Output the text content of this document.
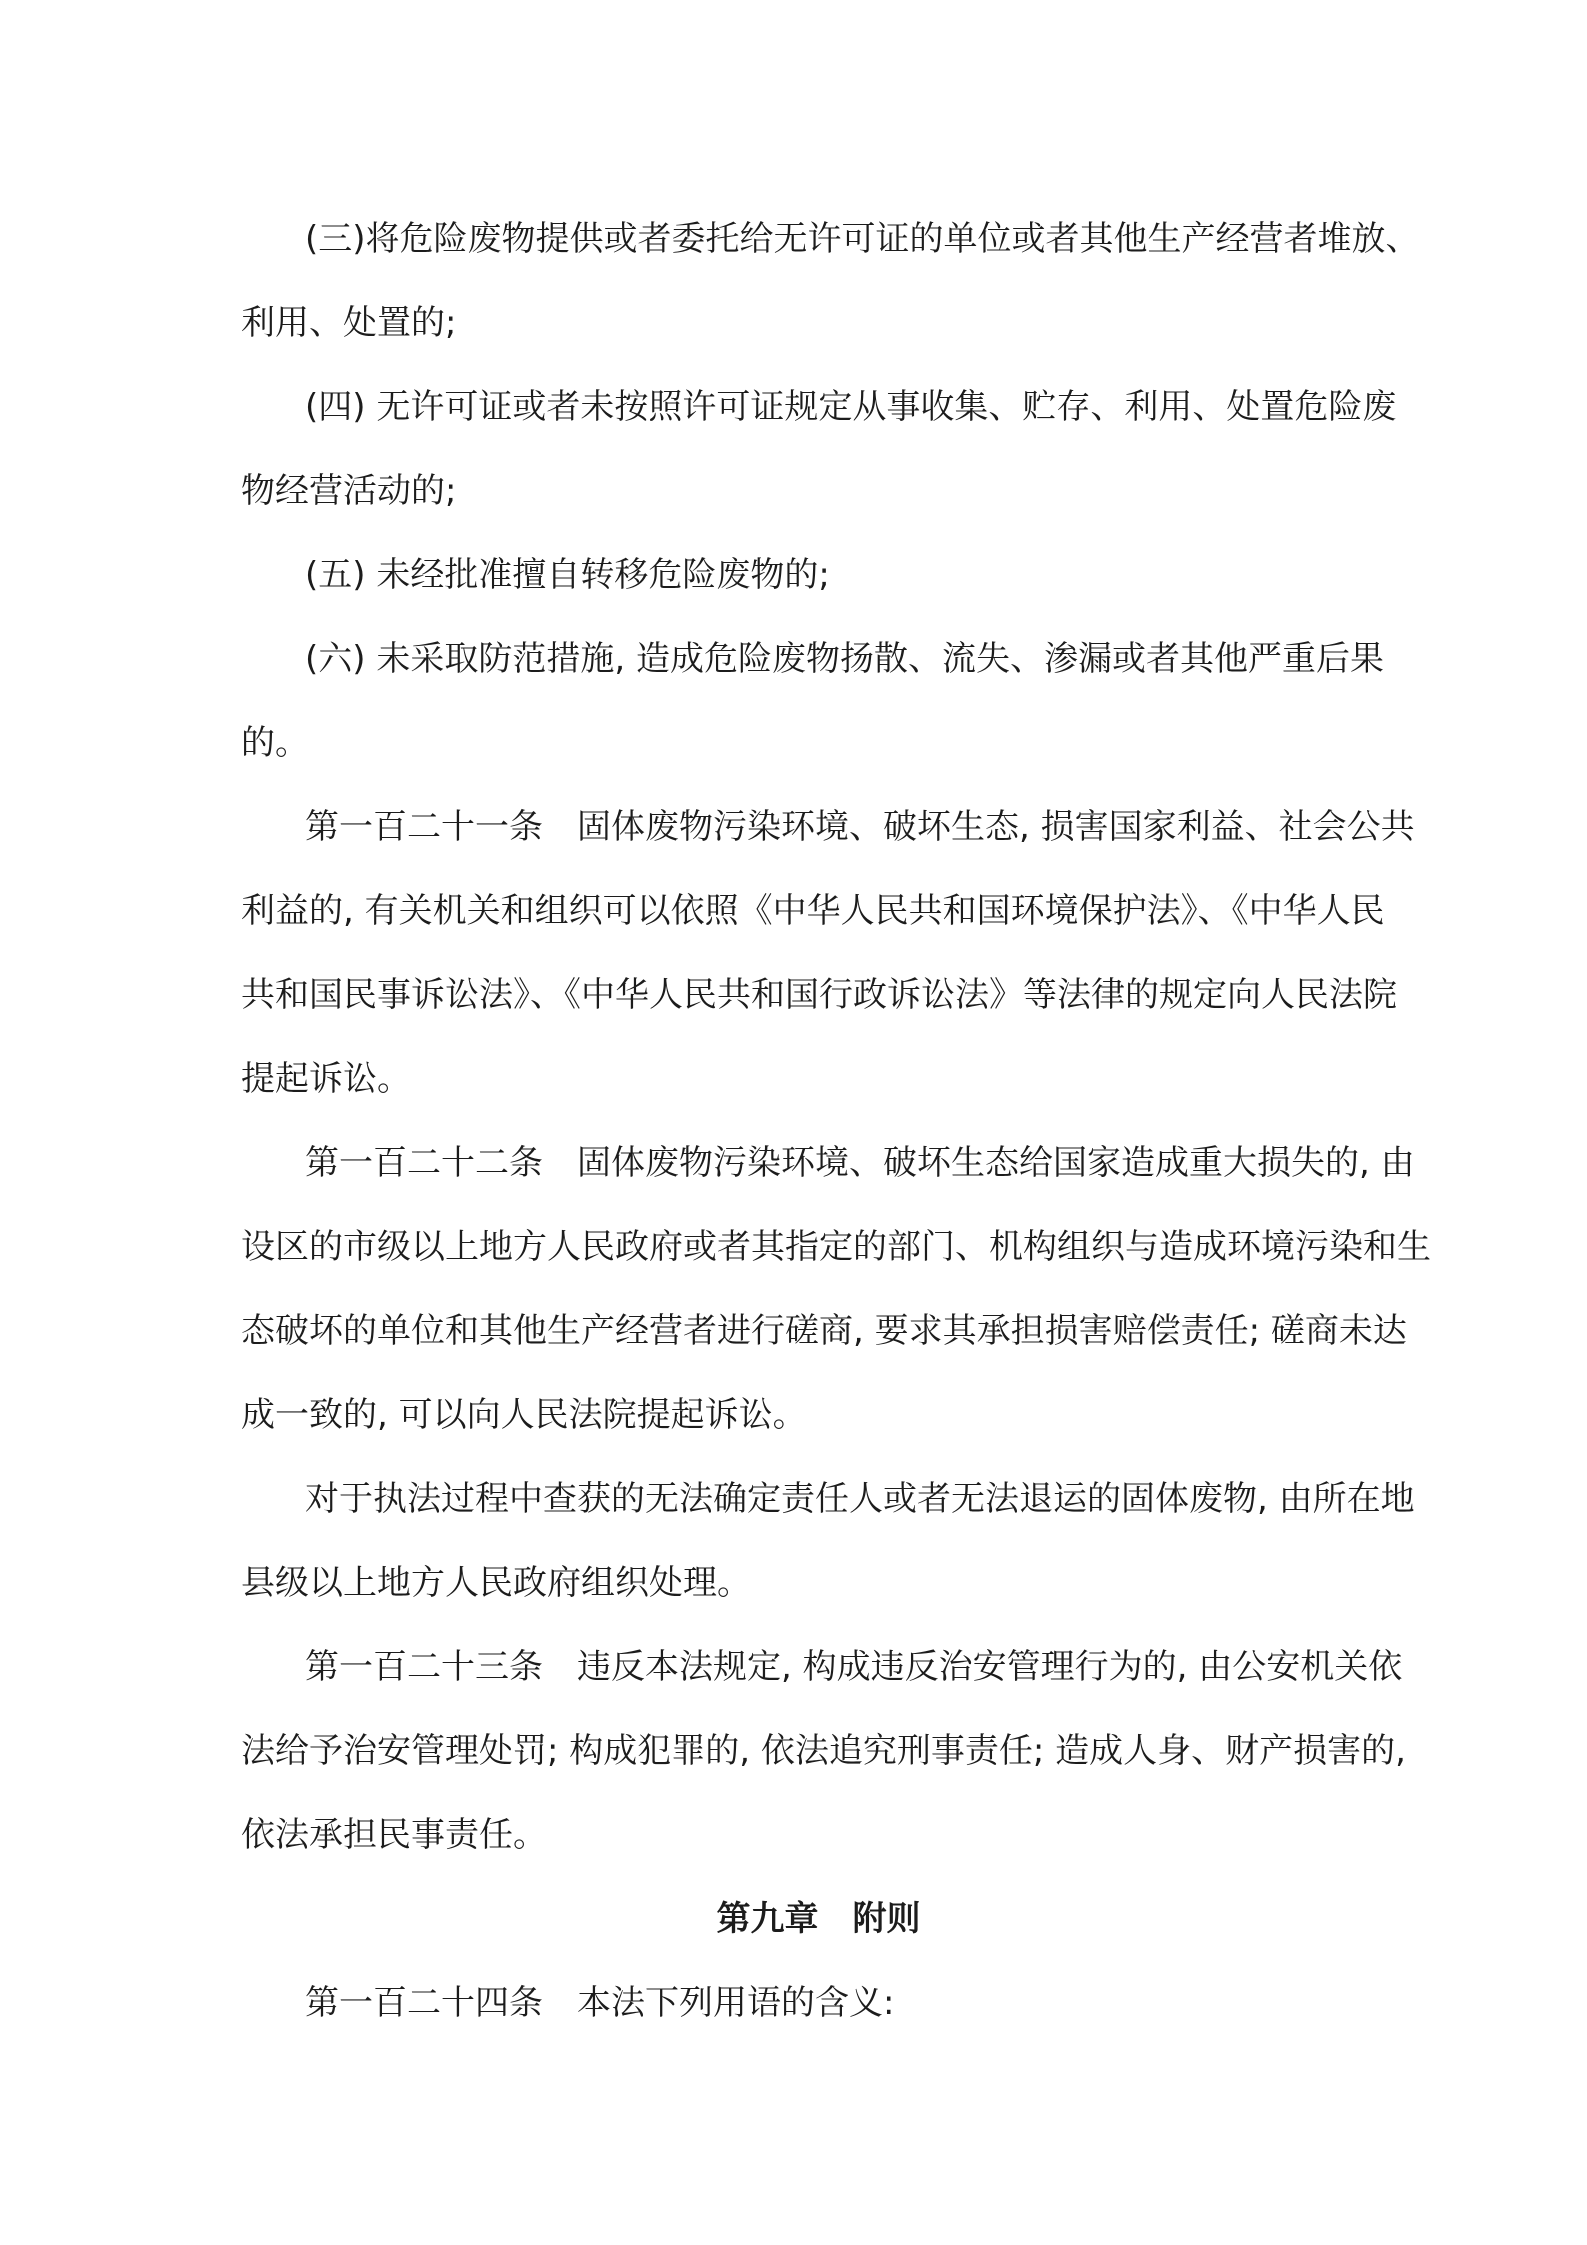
(三)将危险废物提供或者委托给无许可证的单位或者其他生产经营者堆放、
利用、处置的;
(四) 无许可证或者未按照许可证规定从事收集、贮存、利用、处置危险废
物经营活动的;
(五) 未经批准擅自转移危险废物的;
(六) 未采取防范措施, 造成危险废物扬散、流失、渗漏或者其他严重后果
的。
第一百二十一条　固体废物污染环境、破坏生态, 损害国家利益、社会公共
利益的, 有关机关和组织可以依照《中华人民共和国环境保护法》、《中华人民
共和国民事诉讼法》、《中华人民共和国行政诉讼法》等法律的规定向人民法院
提起诉讼。
第一百二十二条　固体废物污染环境、破坏生态给国家造成重大损失的, 由
设区的市级以上地方人民政府或者其指定的部门、机构组织与造成环境污染和生
态破坏的单位和其他生产经营者进行磋商, 要求其承担损害赔偿责任; 磋商未达
成一致的, 可以向人民法院提起诉讼。
对于执法过程中查获的无法确定责任人或者无法退运的固体废物, 由所在地
县级以上地方人民政府组织处理。
第一百二十三条　违反本法规定, 构成违反治安管理行为的, 由公安机关依
法给予治安管理处罚; 构成犯罪的, 依法追究刑事责任; 造成人身、财产损害的,
依法承担民事责任。
第九章　附则
第一百二十四条　本法下列用语的含义:
